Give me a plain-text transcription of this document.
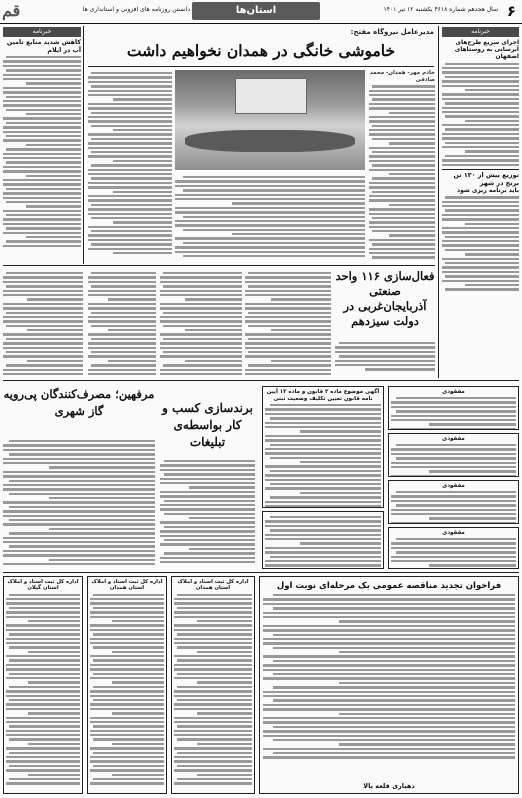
قم	دانستن روزنامه های افزونی و استانداری ها	استان‌ها	سال هجدهم شماره ۴۶۱۸ یکشنبه ۱۲ تیر ۱۴۰۱ ۶
خبرنامه
کاهش شدید منابع تامین آب در ایلام
مدیرعامل نیروگاه مفتح:
خاموشی خانگی در همدان نخواهیم داشت
خادم مهر- همدان- محمد صادقی
خبرنامه
اجرای سریع طرح‌های آبرسانی به روستاهای اصفهان
توزیع بیش از ۱۲۰ تن برنج در شهر
باید برنامه ریزی شود
فعال‌سازی ۱۱۶ واحد صنعتی آذربایجان‌غربی در دولت سیزدهم
مرفهین؛ مصرف‌کنندگان پی‌رویه گاز شهری	برندسازی کسب و کار بواسطه‌ی تبلیغات
آگهی موضوع ماده ۳ قانون و ماده ۱۳ آیین نامه قانون تعیین تکلیف وضعیت ثبتی
مفقودی
مفقودی
مفقودی
مفقودی
اداره کل ثبت اسناد و املاک استان گیلان
اداره کل ثبت اسناد و املاک استان همدان
اداره کل ثبت اسناد و املاک استان همدان	فراخوان تجدید مناقصه عمومی یک مرحله‌ای نوبت اول
دهیاری قلعه بالا
